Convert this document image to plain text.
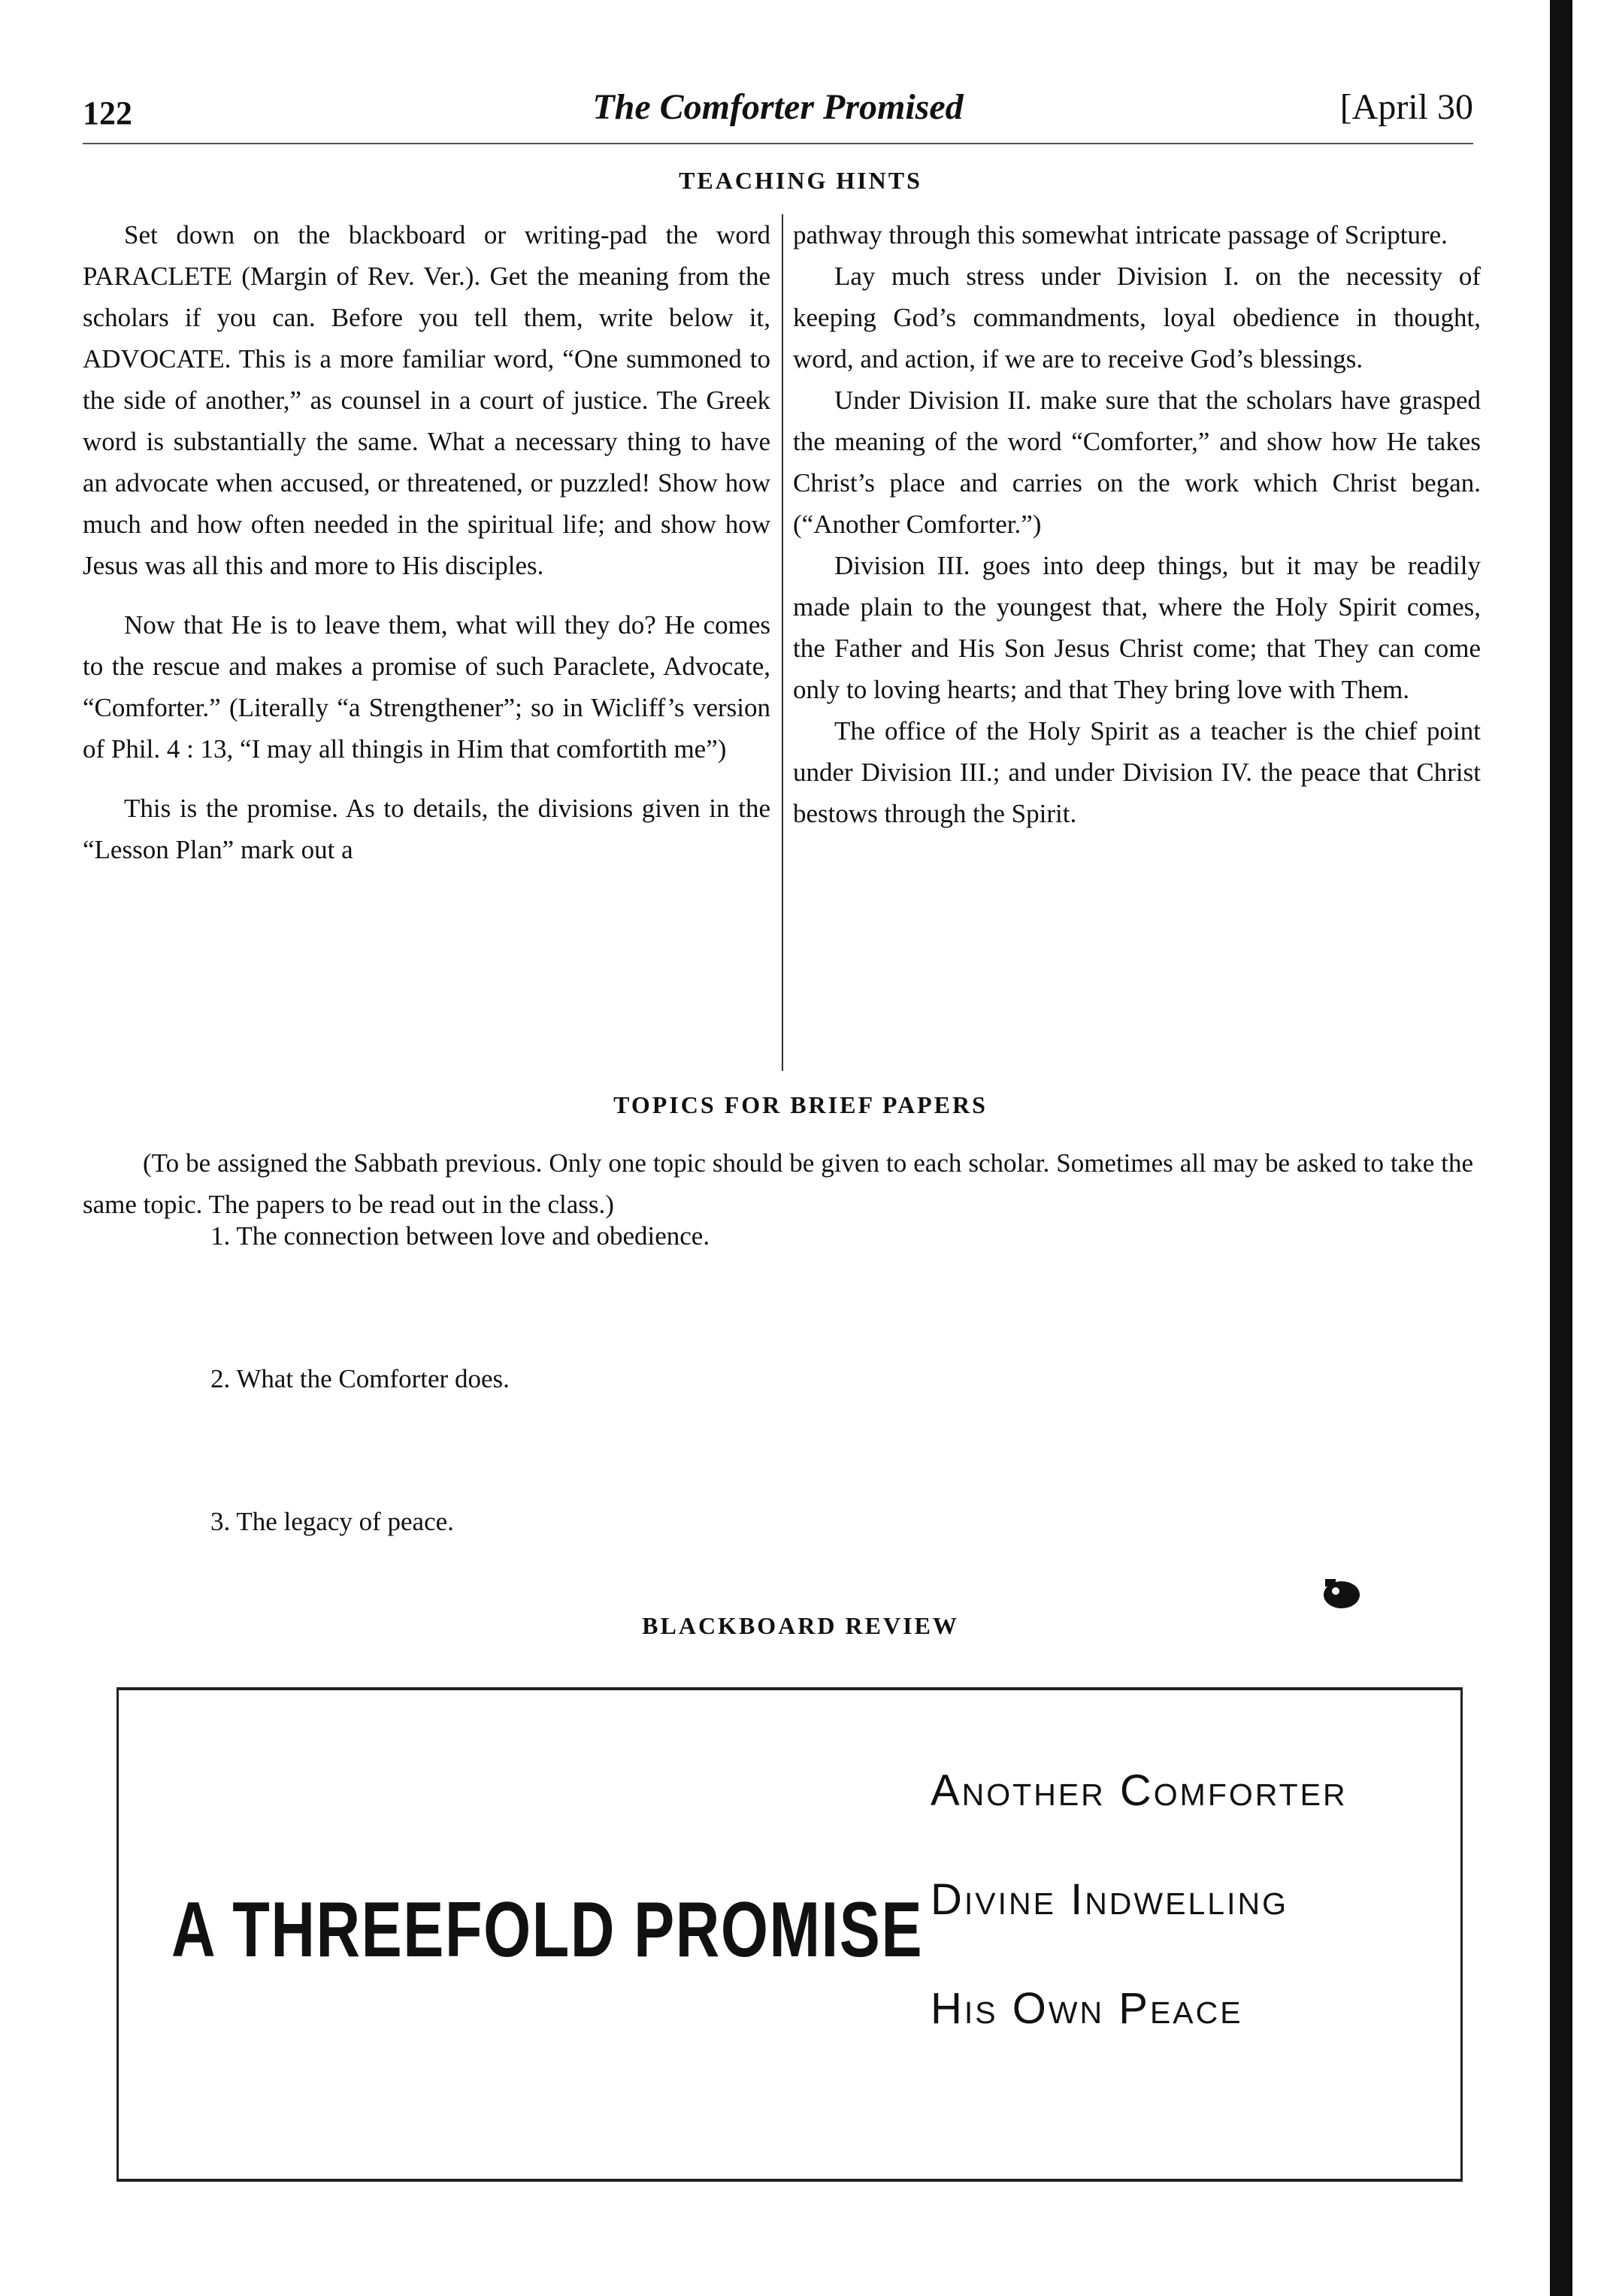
122	The Comforter Promised	[April 30
TEACHING HINTS

Set down on the blackboard or writing-pad the word PARACLETE (Margin of Rev. Ver.). Get the meaning from the scholars if you can. Before you tell them, write below it, ADVOCATE. This is a more familiar word, “One summoned to the side of another,” as counsel in a court of justice. The Greek word is substantially the same. What a necessary thing to have an advocate when accused, or threatened, or puzzled! Show how much and how often needed in the spiritual life; and show how Jesus was all this and more to His disciples.

Now that He is to leave them, what will they do? He comes to the rescue and makes a promise of such Paraclete, Advocate, “Comforter.” (Literally “a Strengthener”; so in Wicliff’s version of Phil. 4 : 13, “I may all thingis in Him that comfortith me”)

This is the promise. As to details, the divisions given in the “Lesson Plan” mark out a

pathway through this somewhat intricate passage of Scripture.

Lay much stress under Division I. on the necessity of keeping God’s commandments, loyal obedience in thought, word, and action, if we are to receive God’s blessings.

Under Division II. make sure that the scholars have grasped the meaning of the word “Comforter,” and show how He takes Christ’s place and carries on the work which Christ began. (“Another Comforter.”)

Division III. goes into deep things, but it may be readily made plain to the youngest that, where the Holy Spirit comes, the Father and His Son Jesus Christ come; that They can come only to loving hearts; and that They bring love with Them.

The office of the Holy Spirit as a teacher is the chief point under Division III.; and under Division IV. the peace that Christ bestows through the Spirit.

TOPICS FOR BRIEF PAPERS
(To be assigned the Sabbath previous. Only one topic should be given to each scholar. Sometimes all may be asked to take the same topic. The papers to be read out in the class.)
1. The connection between love and obedience.
2. What the Comforter does.
3. The legacy of peace.
BLACKBOARD REVIEW
A THREEFOLD PROMISE
Another Comforter
Divine Indwelling
His Own Peace
